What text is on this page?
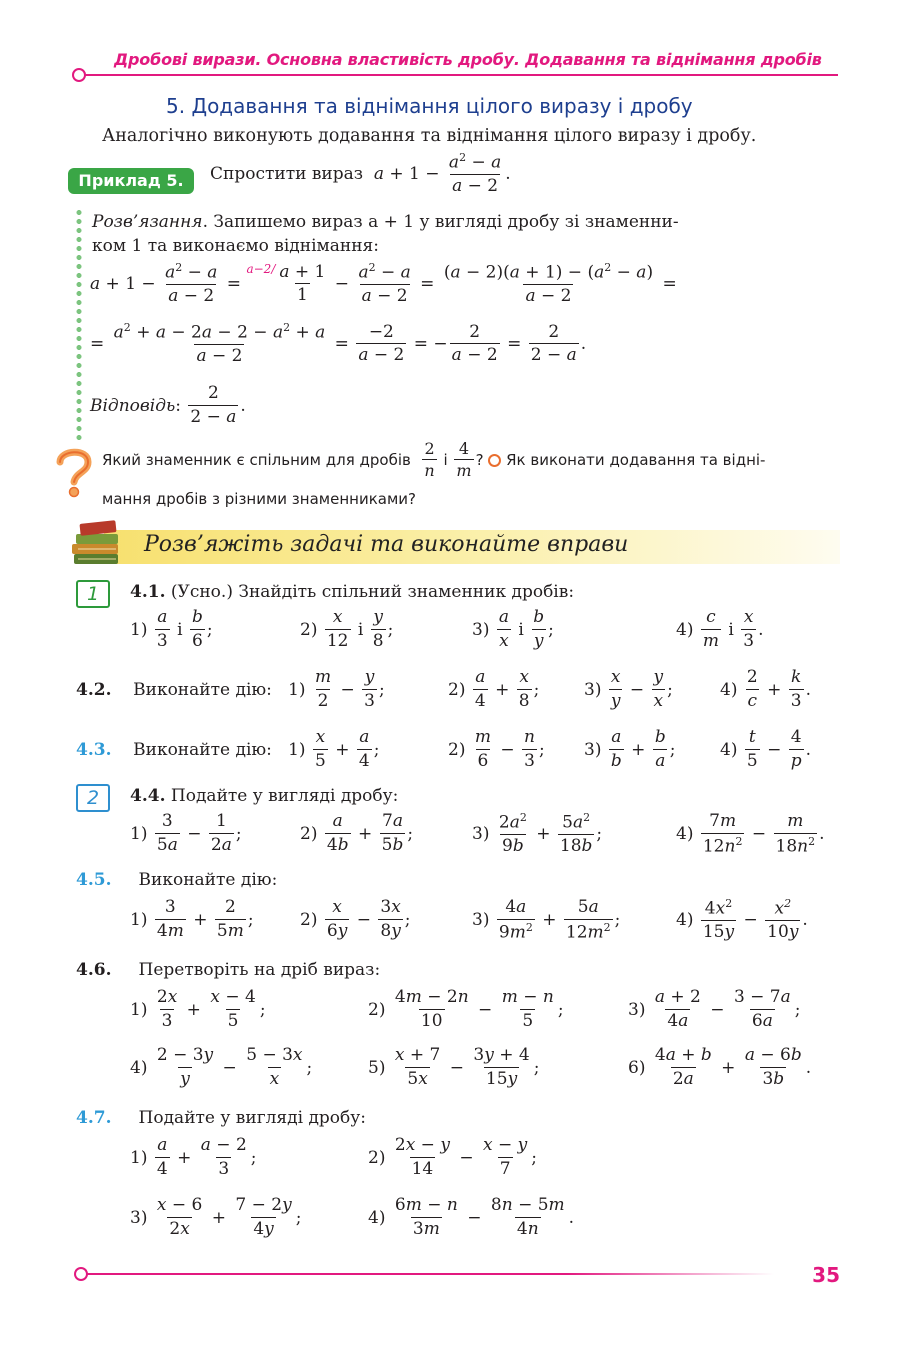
Дробові вирази. Основна властивість дробу. Додавання та віднімання дробів
5. Додавання та віднімання цілого виразу і дробу
Аналогічно виконують додавання та віднімання цілого виразу і дробу.
Приклад 5.	Спростити вираз
$a + 1 - \frac{a^2 - a}{a - 2}$ .
Розв’язання. Запишемо вираз a + 1 у вигляді дробу зі знаменни-
ком 1 та виконаємо віднімання:
$a + 1 - \frac{a^2 - a}{a - 2}$ =
$a-2/ \frac{a + 1}{1} - \frac{a^2 - a}{a - 2} = \frac{(a - 2)(a + 1) - (a^2 - a)}{a - 2}$ =
= $\frac{a^2 + a - 2a - 2 - a^2 + a}{a - 2} = \frac{-2}{a - 2}$ = − $\frac{2}{a - 2} = \frac{2}{2 - a}$ .
Відповідь : $\frac{2}{2 - a}$ .
Який знаменник є спільним для дробів
$\frac{2}{n}$
і
$\frac{4}{m}$ ?
Як виконати додавання та відні-
мання дробів з різними знаменниками?
Розв’яжіть задачі та виконайте вправи
1	4.1. (Усно.) Знайдіть спільний знаменник дробів:
$1) \frac{a}{3}$ і $\frac{b}{6}$ ;	$2) \frac{x}{12}$ і $\frac{y}{8}$ ;	$3) \frac{a}{x}$ і $\frac{b}{y}$ ;	$4) \frac{c}{m}$ і $\frac{x}{3}$ .
4.2.
Виконайте дію: $1) \frac{m}{2} - \frac{y}{3}$ ;	$2) \frac{a}{4} + \frac{x}{8}$ ;	$3) \frac{x}{y} - \frac{y}{x}$ ;	$4) \frac{2}{c} + \frac{k}{3}$ .
4.3.
Виконайте дію: $1) \frac{x}{5} + \frac{a}{4}$ ;	$2) \frac{m}{6} - \frac{n}{3}$ ; $3) \frac{a}{b} + \frac{b}{a}$ ;	$4) \frac{t}{5} - \frac{4}{p}$ .
2	4.4. Подайте у вигляді дробу:
$1) \frac{3}{5a} - \frac{1}{2a}$ ;	$2) \frac{a}{4b} + \frac{7a}{5b}$ ;	$3) \frac{2a^2}{9b} + \frac{5a^2}{18b}$ ;	$4) \frac{7m}{12n^2} - \frac{m}{18n^2}$ .
4.5. Виконайте дію:
$1) \frac{3}{4m} + \frac{2}{5m}$ ;	$2) \frac{x}{6y} - \frac{3x}{8y}$ ;	$3) \frac{4a}{9m^2} + \frac{5a}{12m^2}$ ;	$4) \frac{4x^2}{15y} - \frac{x^2}{10y}$ .
4.6. Перетворіть на дріб вираз:
$1) \frac{2x}{3} + \frac{x - 4}{5}$ ;	$2) \frac{4m - 2n}{10} - \frac{m - n}{5}$ ;	$3) \frac{a + 2}{4a} - \frac{3 - 7a}{6a}$ ;
$4) \frac{2 - 3y}{y} - \frac{5 - 3x}{x}$ ;	$5) \frac{x + 7}{5x} - \frac{3y + 4}{15y}$ ;	$6) \frac{4a + b}{2a} + \frac{a - 6b}{3b}$ .
4.7. Подайте у вигляді дробу:
$1) \frac{a}{4} + \frac{a - 2}{3}$ ;	$2) \frac{2x - y}{14} - \frac{x - y}{7}$ ;
$3) \frac{x - 6}{2x} + \frac{7 - 2y}{4y}$ ;	$4) \frac{6m - n}{3m} - \frac{8n - 5m}{4n}$ .
35
